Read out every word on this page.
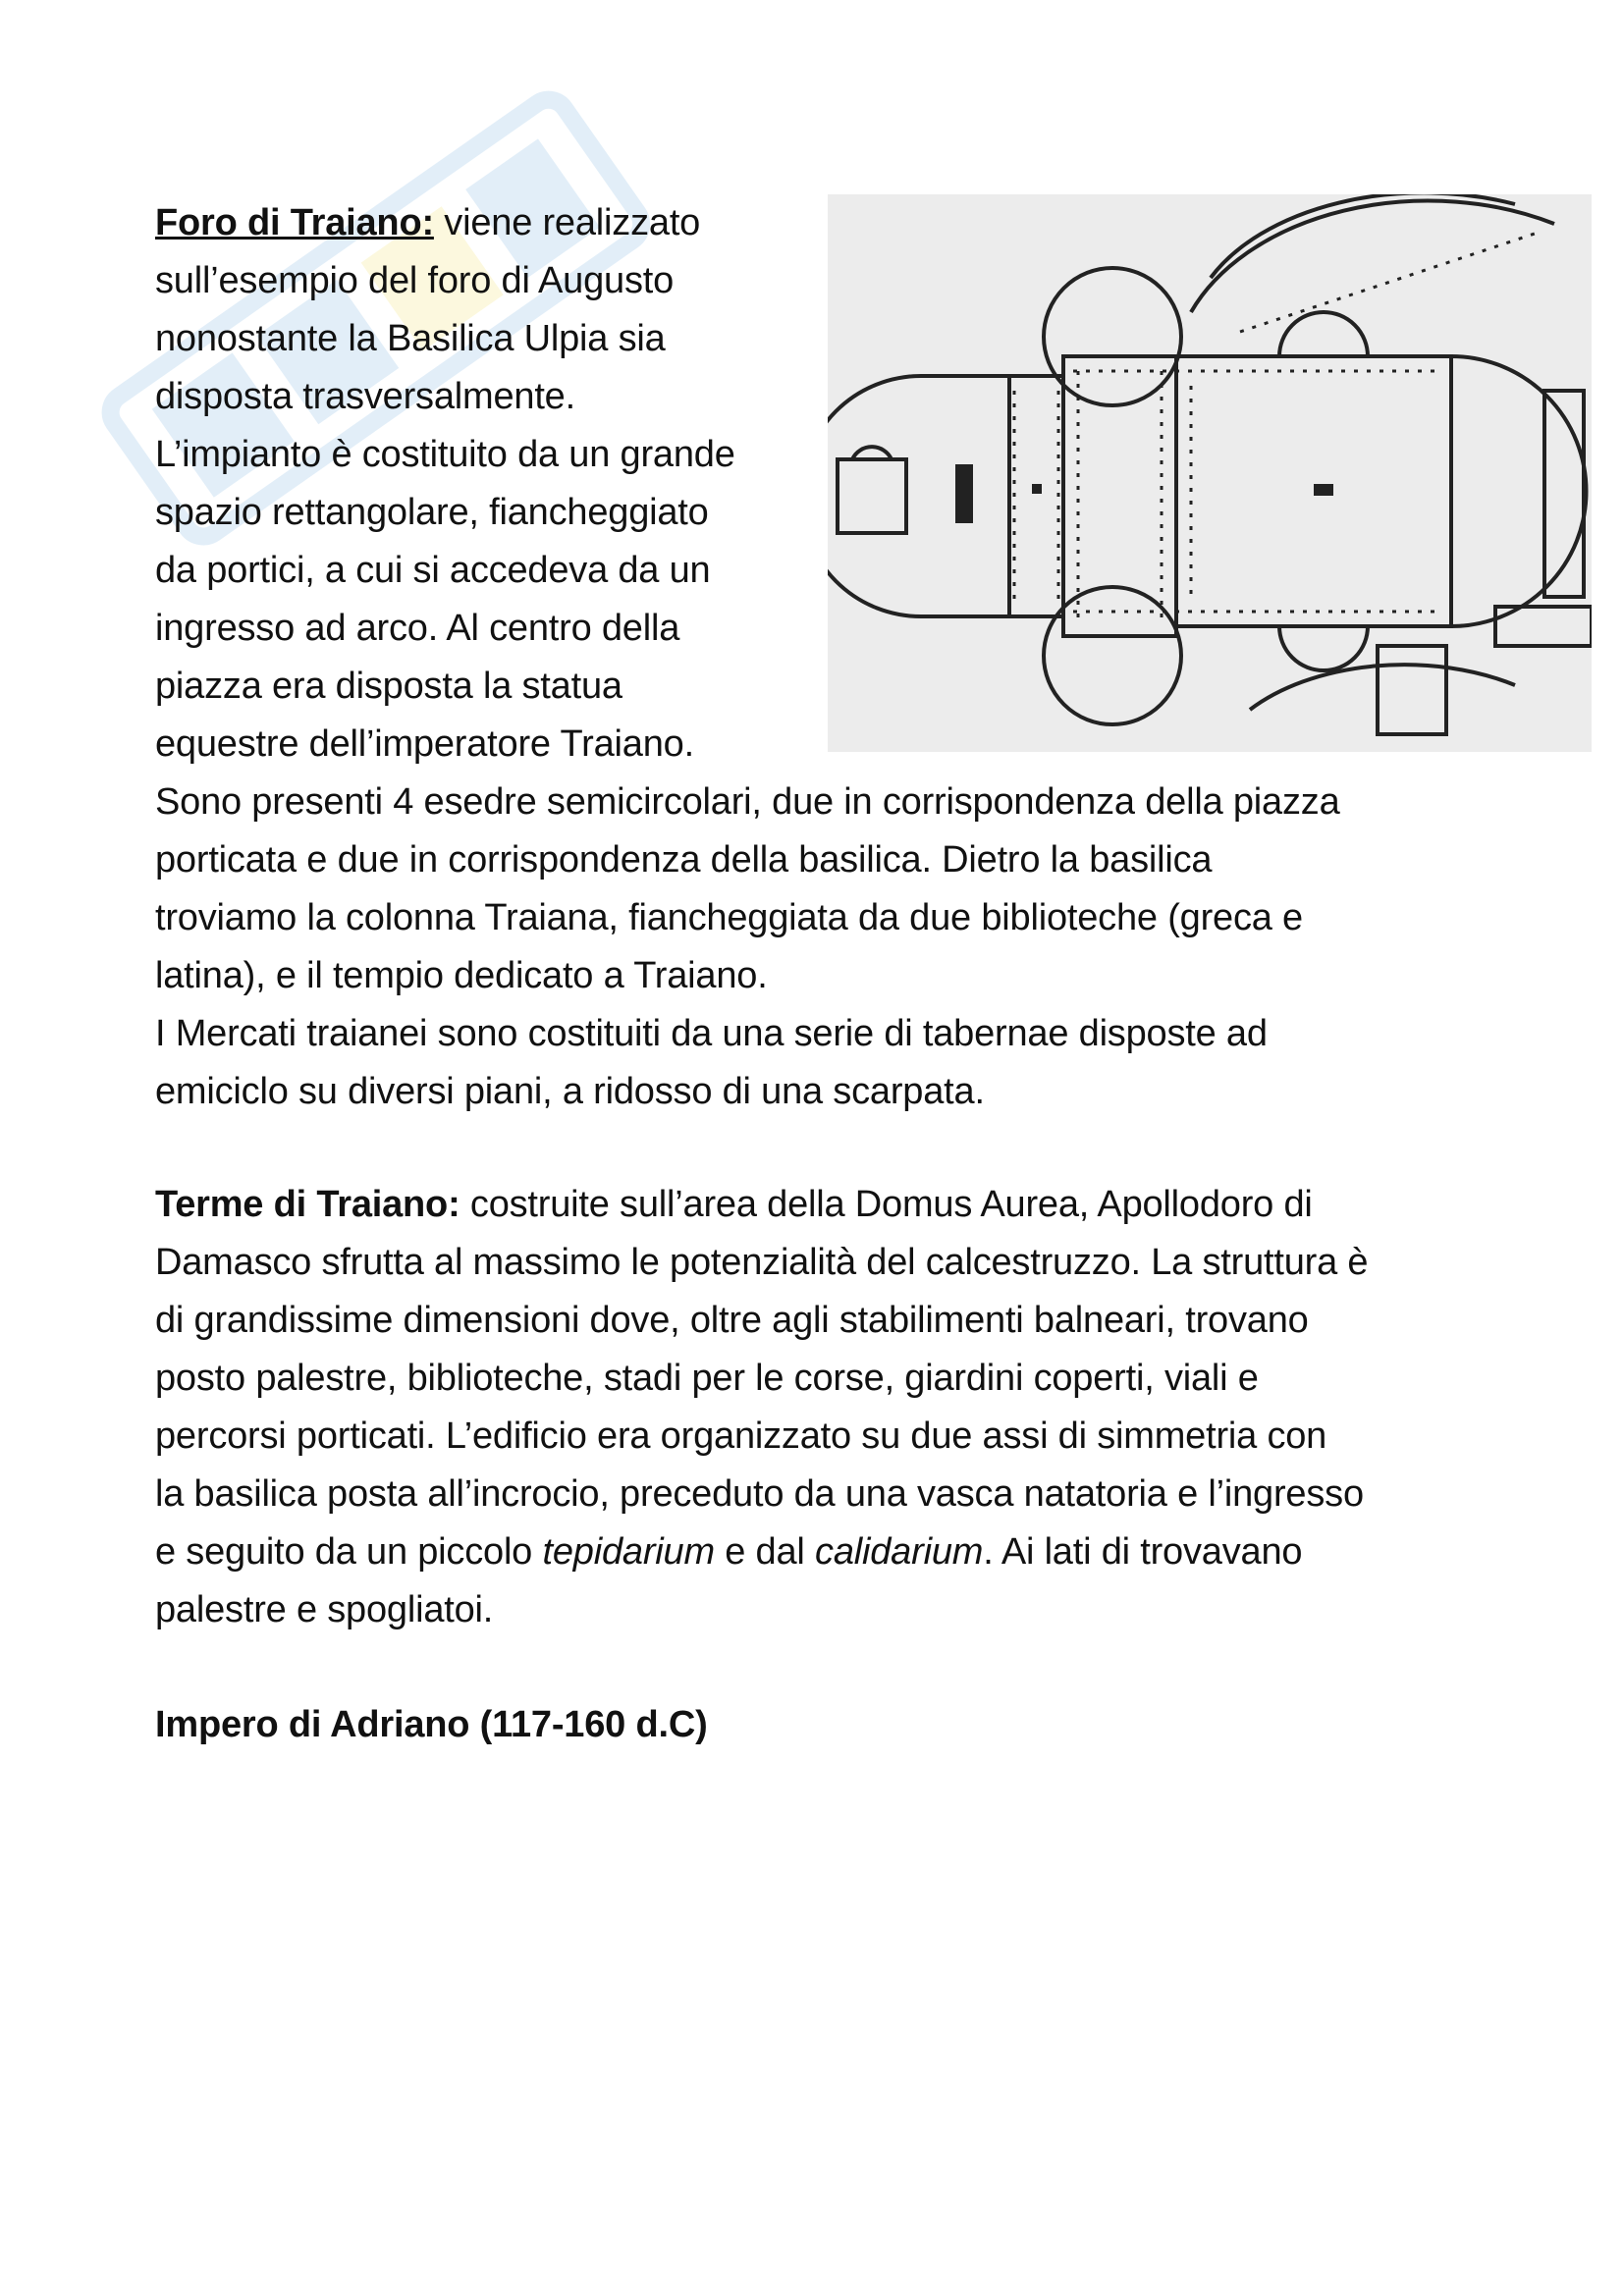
Foro di Traiano: viene realizzato

sull’esempio del foro di Augusto

nonostante la Basilica Ulpia sia

disposta trasversalmente.

L’impianto è costituito da un grande

spazio rettangolare, fiancheggiato

da portici, a cui si accedeva da un

ingresso ad arco. Al centro della

piazza era disposta la statua

equestre dell’imperatore Traiano.

Sono presenti 4 esedre semicircolari, due in corrispondenza della piazza

porticata e due in corrispondenza della basilica. Dietro la basilica

troviamo la colonna Traiana, fiancheggiata da due biblioteche (greca e

latina), e il tempio dedicato a Traiano.

I Mercati traianei sono costituiti da una serie di tabernae disposte ad

emiciclo su diversi piani, a ridosso di una scarpata.

Terme di Traiano: costruite sull’area della Domus Aurea, Apollodoro di

Damasco sfrutta al massimo le potenzialità del calcestruzzo. La struttura è

di grandissime dimensioni dove, oltre agli stabilimenti balneari, trovano

posto palestre, biblioteche, stadi per le corse, giardini coperti, viali e

percorsi porticati. L’edificio era organizzato su due assi di simmetria con

la basilica posta all’incrocio, preceduto da una vasca natatoria e l’ingresso

e seguito da un piccolo tepidarium e dal calidarium. Ai lati di trovavano

palestre e spogliatoi.

Impero di Adriano (117-160 d.C)
